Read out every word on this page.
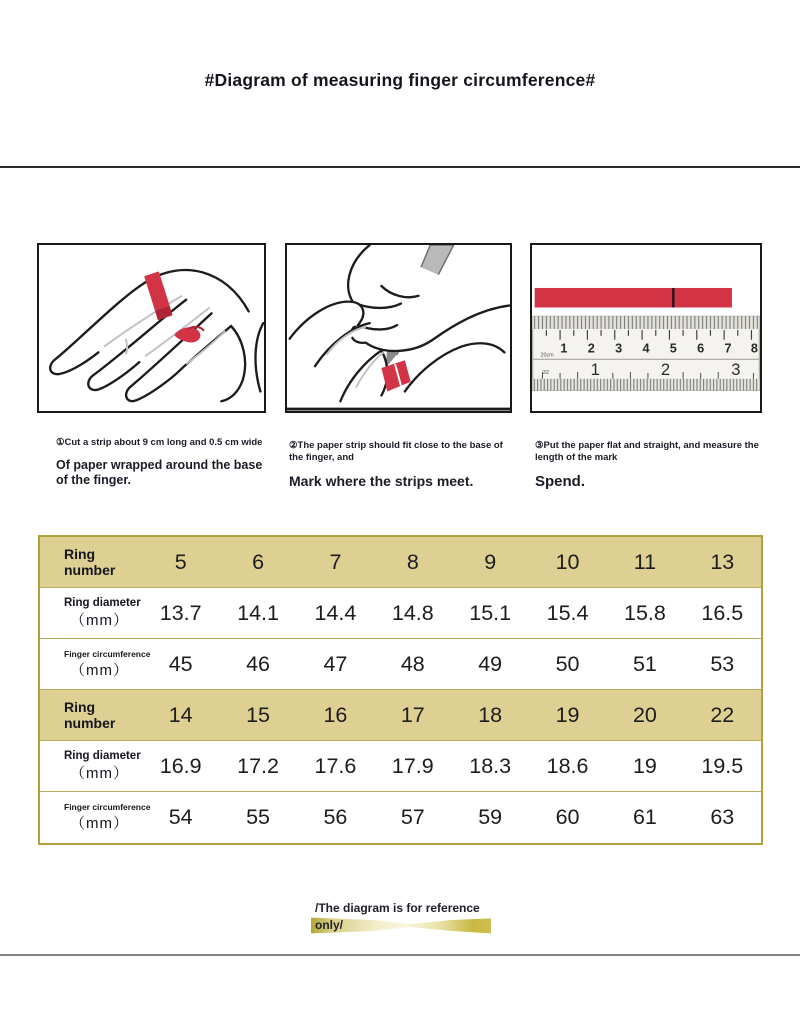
#Diagram of measuring finger circumference#
1 2 3 4 5 6 7 8
20cm
1	2	3
32
①Cut a strip about 9 cm long and 0.5 cm wide
Of paper wrapped around the base of the finger.
②The paper strip should fit close to the base of the finger, and
Mark where the strips meet.
③Put the paper flat and straight, and measure the length of the mark
Spend.
Ring number	5	6	7	8	9	10	11	13
Ring diameter
（mm）	13.7	14.1	14.4	14.8	15.1	15.4	15.8	16.5
Finger circumference
（mm）	45	46	47	48	49	50	51	53
Ring number	14	15	16	17	18	19	20	22
Ring diameter
（mm）	16.9	17.2	17.6	17.9	18.3	18.6	19	19.5
Finger circumference
（mm）	54	55	56	57	59	60	61	63
/The diagram is for reference
only/
